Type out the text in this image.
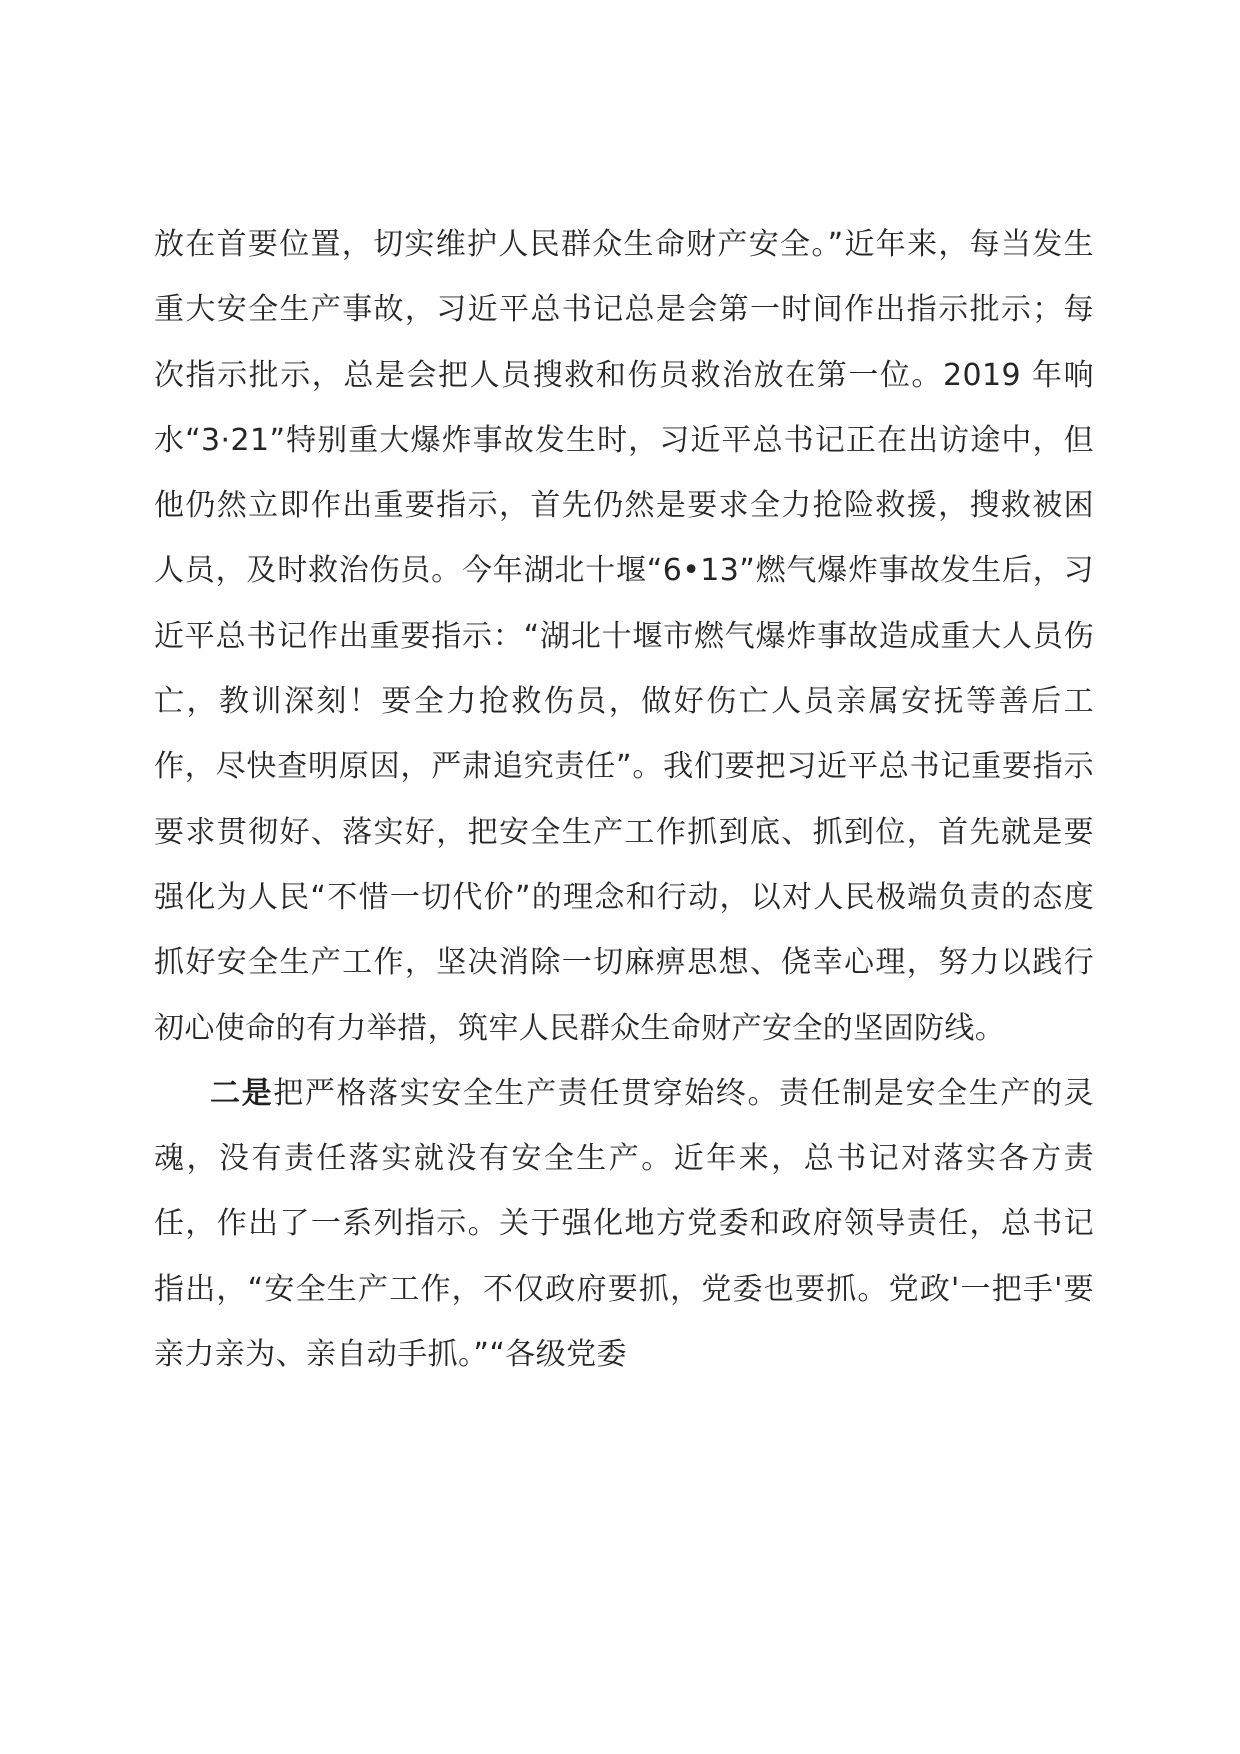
放在首要位置，切实维护人民群众生命财产安全。”近年来，每当发生重大安全生产事故，习近平总书记总是会第一时间作出指示批示；每次指示批示，总是会把人员搜救和伤员救治放在第一位。2019 年响水“3·21”特别重大爆炸事故发生时，习近平总书记正在出访途中，但他仍然立即作出重要指示，首先仍然是要求全力抢险救援，搜救被困人员，及时救治伤员。今年湖北十堰“6•13”燃气爆炸事故发生后，习近平总书记作出重要指示：“湖北十堰市燃气爆炸事故造成重大人员伤亡，教训深刻！要全力抢救伤员，做好伤亡人员亲属安抚等善后工作，尽快查明原因，严肃追究责任”。我们要把习近平总书记重要指示要求贯彻好、落实好，把安全生产工作抓到底、抓到位，首先就是要强化为人民“不惜一切代价”的理念和行动，以对人民极端负责的态度抓好安全生产工作，坚决消除一切麻痹思想、侥幸心理，努力以践行初心使命的有力举措，筑牢人民群众生命财产安全的坚固防线。

二是把严格落实安全生产责任贯穿始终。责任制是安全生产的灵魂，没有责任落实就没有安全生产。近年来，总书记对落实各方责任，作出了一系列指示。关于强化地方党委和政府领导责任，总书记指出，“安全生产工作，不仅政府要抓，党委也要抓。党政'一把手'要亲力亲为、亲自动手抓。”“各级党委
